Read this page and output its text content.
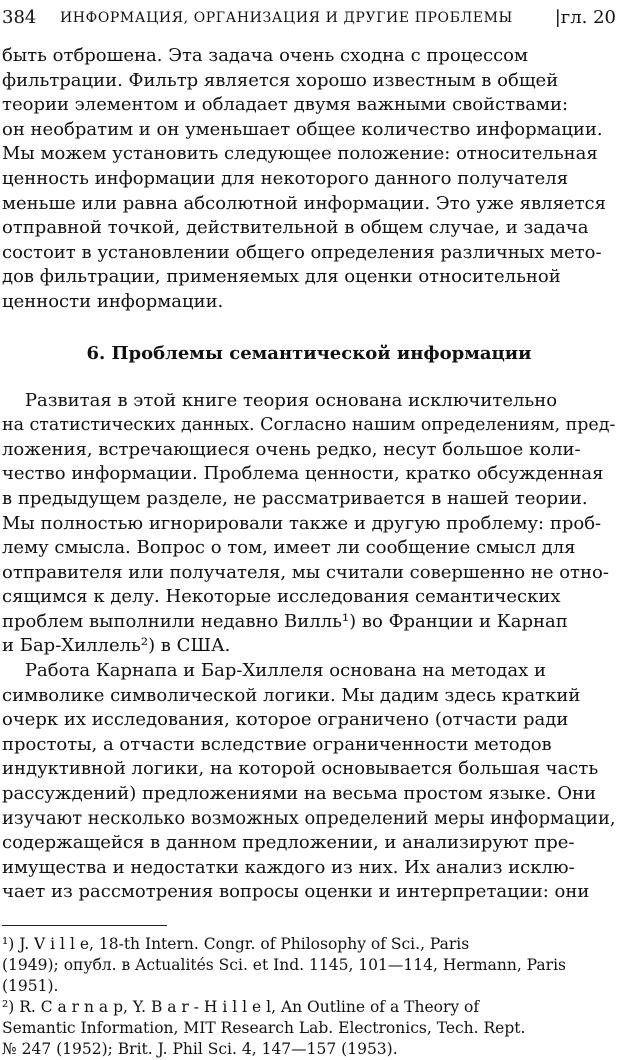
384 ИНФОРМАЦИЯ, ОРГАНИЗАЦИЯ И ДРУГИЕ ПРОБЛЕМЫ |гл. 20
быть отброшена. Эта задача очень сходна с процессом
фильтрации. Фильтр является хорошо известным в общей
теории элементом и обладает двумя важными свойствами:
он необратим и он уменьшает общее количество информации.
Мы можем установить следующее положение: относительная
ценность информации для некоторого данного получателя
меньше или равна абсолютной информации. Это уже является
отправной точкой, действительной в общем случае, и задача
состоит в установлении общего определения различных мето-
дов фильтрации, применяемых для оценки относительной
ценности информации.
6. Проблемы семантической информации
Развитая в этой книге теория основана исключительно
на статистических данных. Согласно нашим определениям, пред-
ложения, встречающиеся очень редко, несут большое коли-
чество информации. Проблема ценности, кратко обсужденная
в предыдущем разделе, не рассматривается в нашей теории.
Мы полностью игнорировали также и другую проблему: проб-
лему смысла. Вопрос о том, имеет ли сообщение смысл для
отправителя или получателя, мы считали совершенно не отно-
сящимся к делу. Некоторые исследования семантических
проблем выполнили недавно Вилль¹) во Франции и Карнап
и Бар-Хиллель²) в США.
Работа Карнапа и Бар-Хиллеля основана на методах и
символике символической логики. Мы дадим здесь краткий
очерк их исследования, которое ограничено (отчасти ради
простоты, а отчасти вследствие ограниченности методов
индуктивной логики, на которой основывается большая часть
рассуждений) предложениями на весьма простом языке. Они
изучают несколько возможных определений меры информации,
содержащейся в данном предложении, и анализируют пре-
имущества и недостатки каждого из них. Их анализ исклю-
чает из рассмотрения вопросы оценки и интерпретации: они
¹) J. V i l l e, 18-th Intern. Congr. of Philosophy of Sci., Paris
(1949); опубл. в Actualités Sci. et Ind. 1145, 101—114, Hermann, Paris
(1951).
²) R. C a r n a p, Y. B a r - H i l l e l, An Outline of a Theory of
Semantic Information, MIT Research Lab. Electronics, Tech. Rept.
№ 247 (1952); Brit. J. Phil Sci. 4, 147—157 (1953).
